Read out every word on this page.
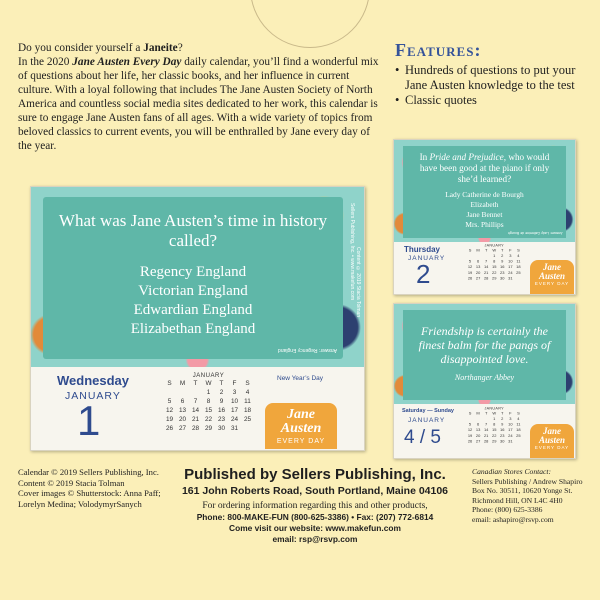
Do you consider yourself a Janeite?
In the 2020 Jane Austen Every Day daily calendar, you’ll find a wonderful mix of questions about her life, her classic books, and her influence in current culture. With a loyal following that includes The Jane Austen Society of North America and countless social media sites dedicated to her work, this calendar is sure to engage Jane Austen fans of all ages. With a wide variety of topics from beloved classics to current events, you will be enthralled by Jane every day of the year.
Features:
• Hundreds of questions to put your Jane Austen knowledge to the test
• Classic quotes
What was Jane Austen’s time in history called?
Regency England
Victorian England
Edwardian England
Elizabethan England
Answer: Regency England
Sellers Publishing, Inc. • www.makefun.com Content © 2019 Stacia Tolman
Wednesday
JANUARY
1
JANUARY
S	M	T	W	T	F	S
			1	2	3	4
5	6	7	8	9	10	11
12	13	14	15	16	17	18
19	20	21	22	23	24	25
26	27	28	29	30	31	
New Year’s Day
Jane
Austen
EVERY DAY
In Pride and Prejudice, who would have been good at the piano if only she’d learned?
Lady Catherine de Bourgh
Elizabeth
Jane Bennet
Mrs. Phillips
Answer: Lady Catherine de Bourgh
Thursday
JANUARY
2
JANUARY
S	M	T	W	T	F	S
			1	2	3	4
5	6	7	8	9	10	11
12	13	14	15	16	17	18
19	20	21	22	23	24	25
26	27	28	29	30	31	
Jane
Austen
EVERY DAY
Friendship is certainly the finest balm for the pangs of disappointed love.
Northanger Abbey
Saturday — Sunday
JANUARY
4 / 5
JANUARY
S	M	T	W	T	F	S
			1	2	3	4
5	6	7	8	9	10	11
12	13	14	15	16	17	18
19	20	21	22	23	24	25
26	27	28	29	30	31	
Jane
Austen
EVERY DAY
Calendar © 2019 Sellers Publishing, Inc.
Content © 2019 Stacia Tolman
Cover images © Shutterstock: Anna Paff;
Lorelyn Medina; VolodymyrSanych
Published by Sellers Publishing, Inc.
161 John Roberts Road, South Portland, Maine 04106
For ordering information regarding this and other products,
Phone: 800-MAKE-FUN (800-625-3386) • Fax: (207) 772-6814
Come visit our website: www.makefun.com
email: rsp@rsvp.com
Canadian Stores Contact:
Sellers Publishing / Andrew Shapiro
Box No. 30511, 10620 Yonge St.
Richmond Hill, ON L4C 4H0
Phone: (800) 625-3386
email: ashapiro@rsvp.com
